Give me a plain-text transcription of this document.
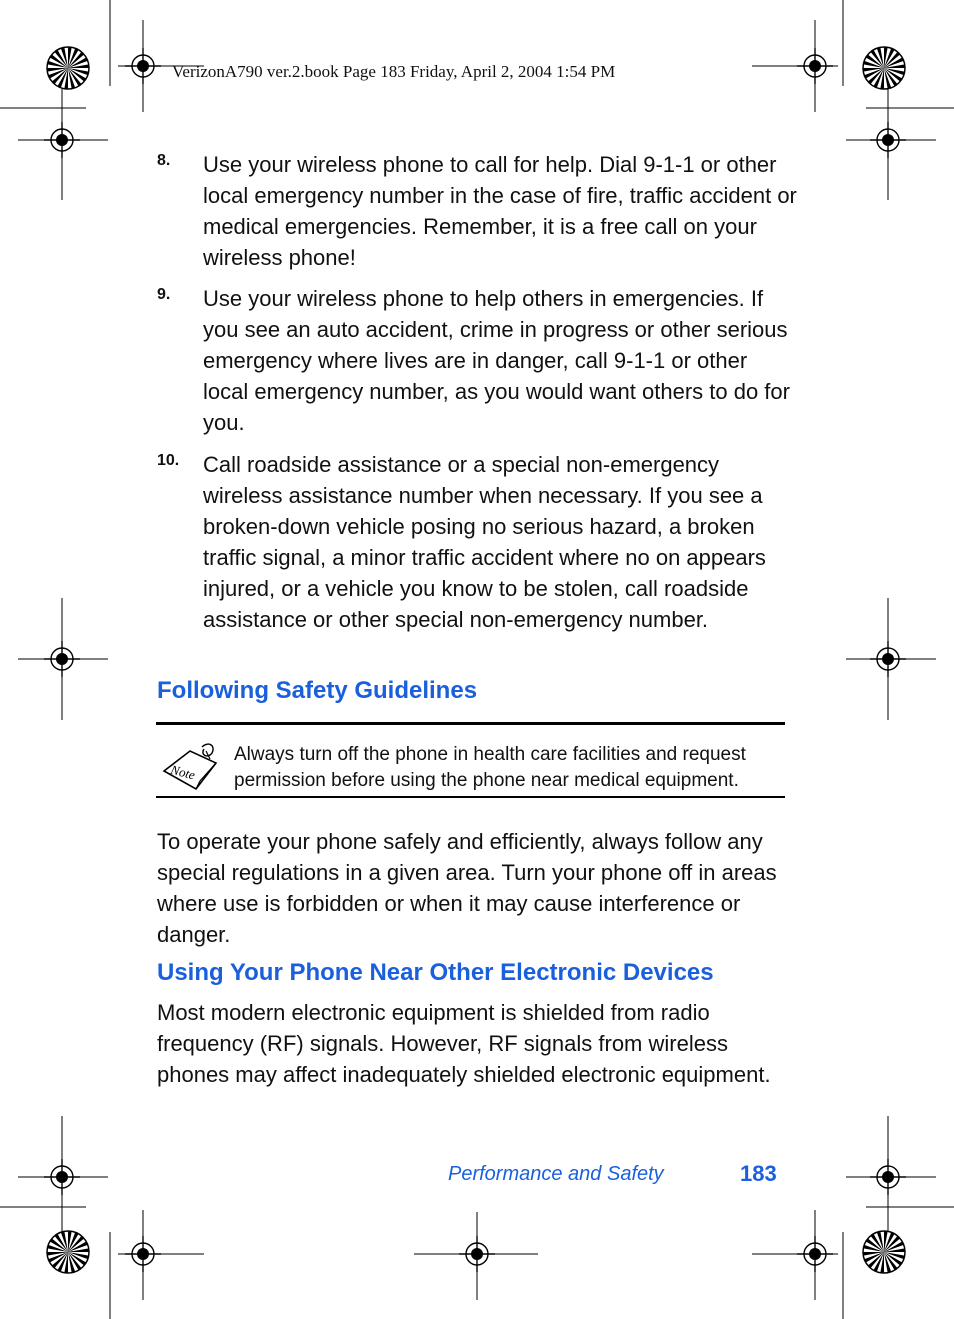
VerizonA790 ver.2.book Page 183 Friday, April 2, 2004 1:54 PM
8. Use your wireless phone to call for help. Dial 9-1-1 or other local emergency number in the case of fire, traffic accident or medical emergencies. Remember, it is a free call on your wireless phone!
9. Use your wireless phone to help others in emergencies. If you see an auto accident, crime in progress or other serious emergency where lives are in danger, call 9-1-1 or other local emergency number, as you would want others to do for you.
10. Call roadside assistance or a special non-emergency wireless assistance number when necessary. If you see a broken-down vehicle posing no serious hazard, a broken traffic signal, a minor traffic accident where no on appears injured, or a vehicle you know to be stolen, call roadside assistance or other special non-emergency number.
Following Safety Guidelines
Note
Always turn off the phone in health care facilities and request
permission before using the phone near medical equipment.
To operate your phone safely and efficiently, always follow any special regulations in a given area. Turn your phone off in areas where use is forbidden or when it may cause interference or danger.
Using Your Phone Near Other Electronic Devices
Most modern electronic equipment is shielded from radio frequency (RF) signals. However, RF signals from wireless phones may affect inadequately shielded electronic equipment.
Performance and Safety	183
